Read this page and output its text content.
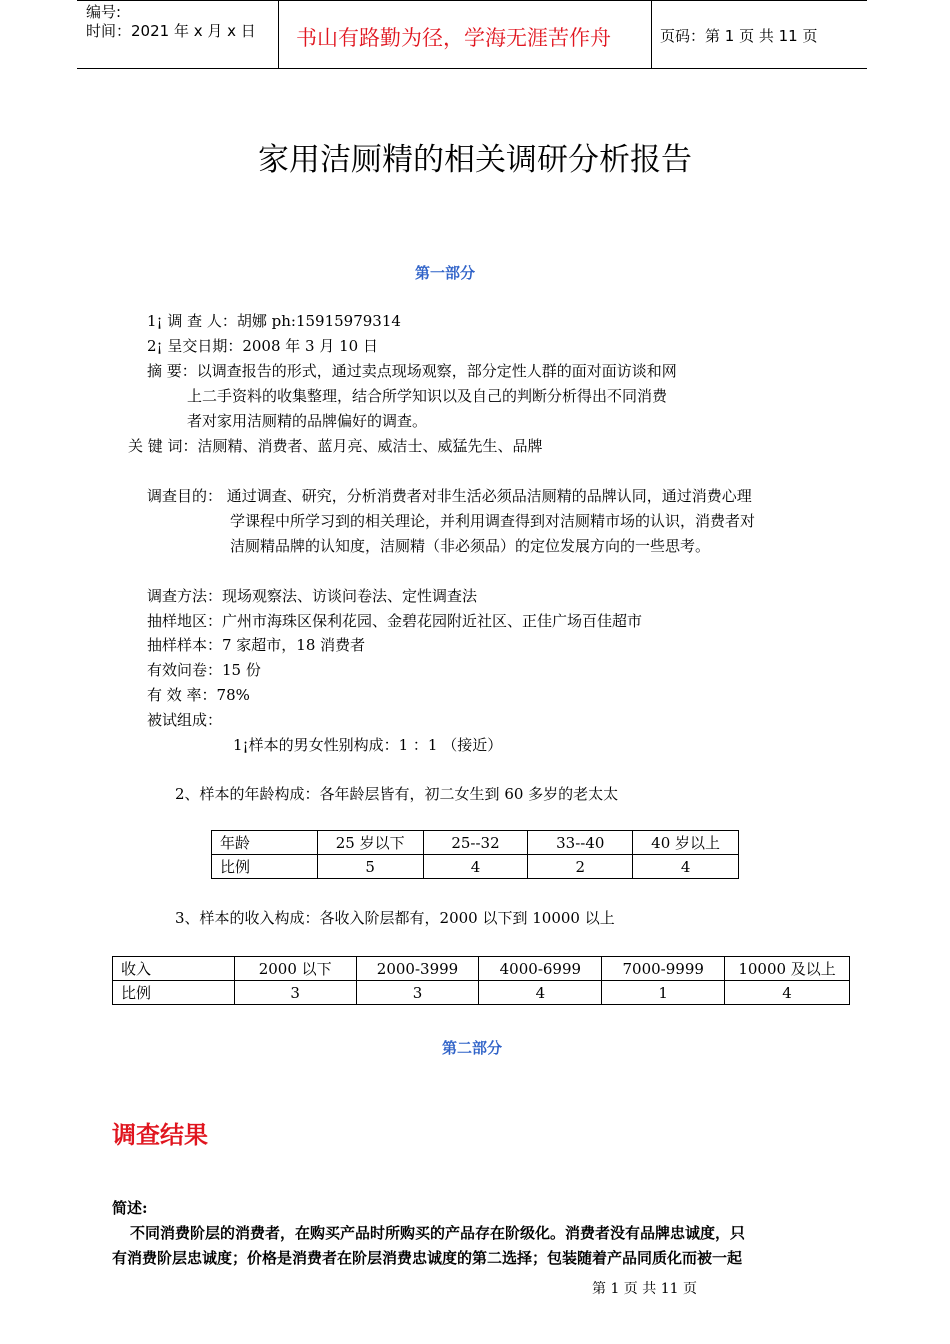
编号:
时间：2021 年 x 月 x 日 书山有路勤为径，学海无涯苦作舟	页码：第 1 页 共 11 页
家用洁厕精的相关调研分析报告
第一部分
1¡ 调 查 人：胡娜 ph:15915979314
2¡ 呈交日期：2008 年 3 月 10 日
摘 要：以调查报告的形式，通过卖点现场观察，部分定性人群的面对面访谈和网
上二手资料的收集整理，结合所学知识以及自己的判断分析得出不同消费
者对家用洁厕精的品牌偏好的调查。
关 键 词：洁厕精、消费者、蓝月亮、威洁士、威猛先生、品牌
调查目的： 通过调查、研究，分析消费者对非生活必须品洁厕精的品牌认同，通过消费心理
学课程中所学习到的相关理论，并利用调查得到对洁厕精市场的认识，消费者对
洁厕精品牌的认知度，洁厕精（非必须品）的定位发展方向的一些思考。
调查方法：现场观察法、访谈问卷法、定性调查法
抽样地区：广州市海珠区保利花园、金碧花园附近社区、正佳广场百佳超市
抽样样本：7 家超市，18 消费者
有效问卷：15 份
有 效 率：78%
被试组成：
1¡样本的男女性别构成：1 ：1 （接近）
2、样本的年龄构成：各年龄层皆有，初二女生到 60 多岁的老太太
年龄	25 岁以下	25--32	33--40	40 岁以上
比例	5	4	2	4
3、样本的收入构成：各收入阶层都有，2000 以下到 10000 以上
收入	2000 以下	2000-3999	4000-6999	7000-9999	10000 及以上
比例	3	3	4	1	4
第二部分
调查结果
简述:
不同消费阶层的消费者，在购买产品时所购买的产品存在阶级化。消费者没有品牌忠诚度，只
有消费阶层忠诚度；价格是消费者在阶层消费忠诚度的第二选择；包装随着产品同质化而被一起
第 1 页 共 11 页
